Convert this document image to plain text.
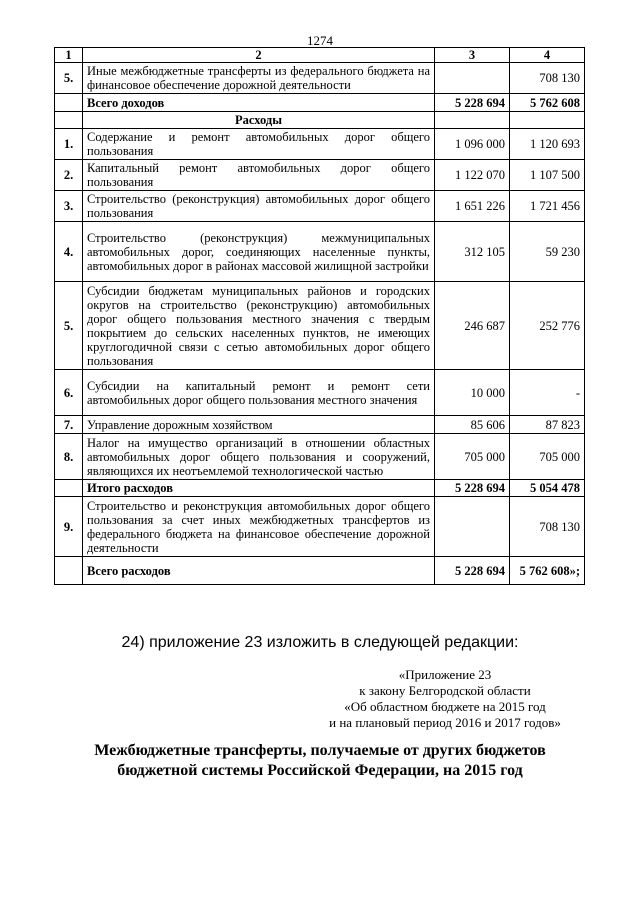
1274
1	2	3	4
5.	Иные межбюджетные трансферты из федерального бюджета на финансовое обеспечение дорожной деятельности		708 130
	Всего доходов	5 228 694	5 762 608
	Расходы		
1.	Содержание и ремонт автомобильных дорог общего пользования	1 096 000	1 120 693
2.	Капитальный ремонт автомобильных дорог общего пользования	1 122 070	1 107 500
3.	Строительство (реконструкция) автомобильных дорог общего пользования	1 651 226	1 721 456
4.	Строительство (реконструкция) межмуниципальных автомобильных дорог, соединяющих населенные пункты, автомобильных дорог в районах массовой жилищной застройки	312 105	59 230
5.	Субсидии бюджетам муниципальных районов и городских округов на строительство (реконструкцию) автомобильных дорог общего пользования местного значения с твердым покрытием до сельских населенных пунктов, не имеющих круглогодичной связи с сетью автомобильных дорог общего пользования	246 687	252 776
6.	Субсидии на капитальный ремонт и ремонт сети автомобильных дорог общего пользования местного значения	10 000	-
7.	Управление дорожным хозяйством	85 606	87 823
8.	Налог на имущество организаций в отношении областных автомобильных дорог общего пользования и сооружений, являющихся их неотъемлемой технологической частью	705 000	705 000
	Итого расходов	5 228 694	5 054 478
9.	Строительство и реконструкция автомобильных дорог общего пользования за счет иных межбюджетных трансфертов из федерального бюджета на финансовое обеспечение дорожной деятельности		708 130
	Всего расходов	5 228 694	5 762 608»;
24) приложение 23 изложить в следующей редакции:
«Приложение 23
к закону Белгородской области
«Об областном бюджете на 2015 год
и на плановый период 2016 и 2017 годов»
Межбюджетные трансферты, получаемые от других бюджетов
бюджетной системы Российской Федерации, на 2015 год
